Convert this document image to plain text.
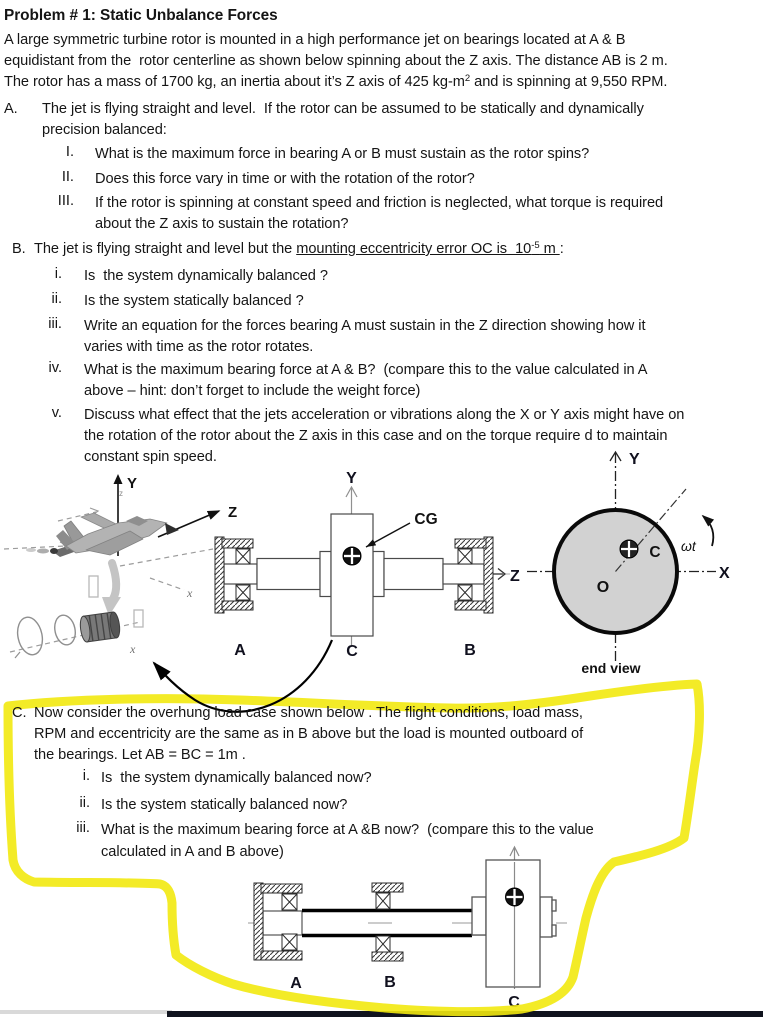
Problem # 1: Static Unbalance Forces
A large symmetric turbine rotor is mounted in a high performance jet on bearings located at A & B
equidistant from the  rotor centerline as shown below spinning about the Z axis. The distance AB is 2 m.
The rotor has a mass of 1700 kg, an inertia about it’s Z axis of 425 $kg-m^2$ and is spinning at 9,550 RPM.
A. The jet is flying straight and level.  If the rotor can be assumed to be statically and dynamically
precision balanced:
I. What is the maximum force in bearing A or B must sustain as the rotor spins?
II. Does this force vary in time or with the rotation of the rotor?
III. If the rotor is spinning at constant speed and friction is neglected, what torque is required
about the Z axis to sustain the rotation?
B. The jet is flying straight and level but the mounting eccentricity error OC is  $10^{-5}$ m :
i. Is  the system dynamically balanced ?
ii. Is the system statically balanced ?
iii. Write an equation for the forces bearing A must sustain in the Z direction showing how it
varies with time as the rotor rotates.
iv. What is the maximum bearing force at A & B?  (compare this to the value calculated in A
above – hint: don’t forget to include the weight force)
v. Discuss what effect that the jets acceleration or vibrations along the X or Y axis might have on
the rotation of the rotor about the Z axis in this case and on the torque require d to maintain
constant spin speed.
C. Now consider the overhung load case shown below . The flight conditions, load mass,
RPM and eccentricity are the same as in B above but the load is mounted outboard of
the bearings. Let AB = BC = 1m .
i. Is  the system dynamically balanced now?
ii. Is the system statically balanced now?
iii. What is the maximum bearing force at A &B now?  (compare this to the value
calculated in A and B above)
Y
z
Z
x
x
CG
Y
Z
A	C	B
Y
X
O
C ωt
end view
A	B
C
